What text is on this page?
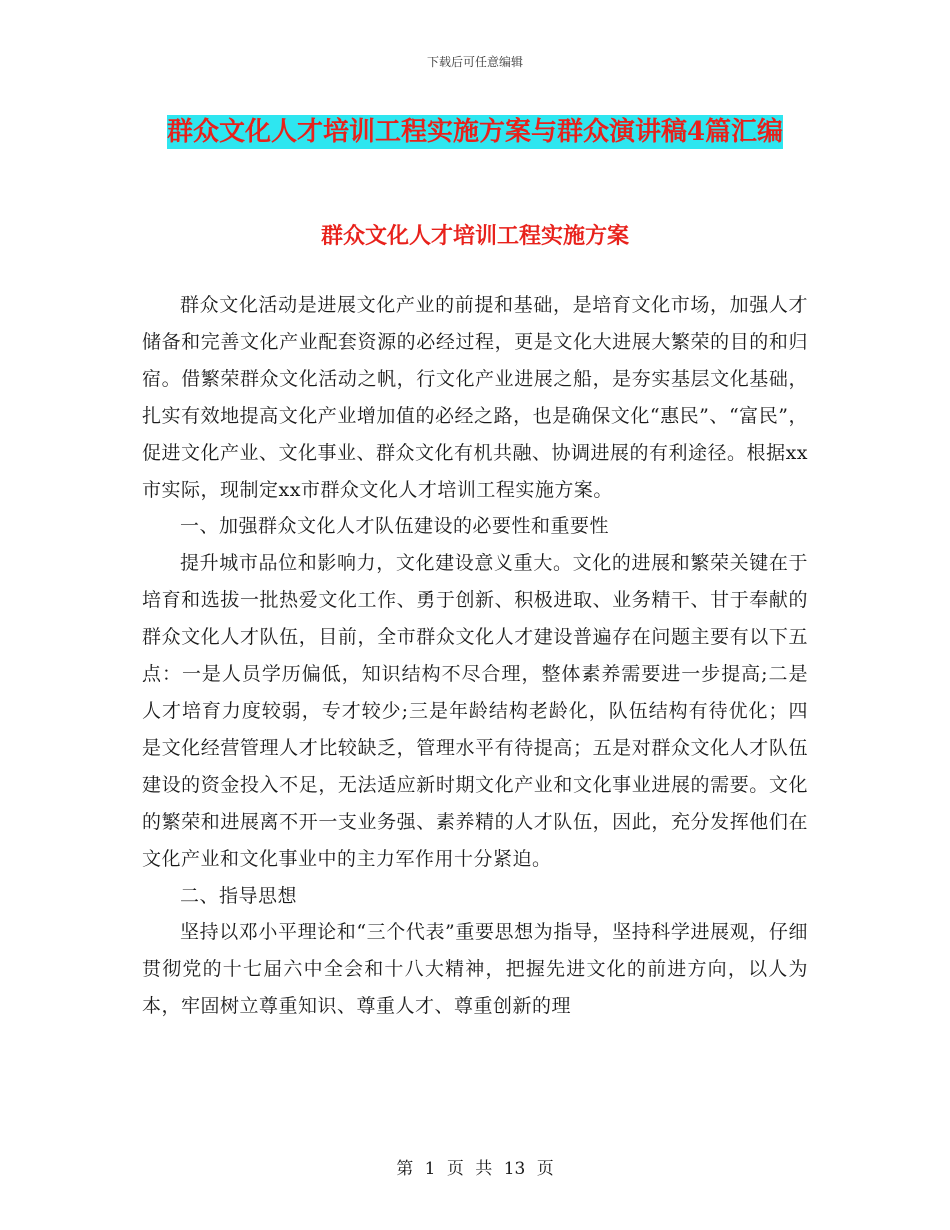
下载后可任意编辑
群众文化人才培训工程实施方案与群众演讲稿4篇汇编
群众文化人才培训工程实施方案

群众文化活动是进展文化产业的前提和基础，是培育文化市场，加强人才储备和完善文化产业配套资源的必经过程，更是文化大进展大繁荣的目的和归宿。借繁荣群众文化活动之帆，行文化产业进展之船，是夯实基层文化基础，扎实有效地提高文化产业增加值的必经之路，也是确保文化“惠民”、“富民”，促进文化产业、文化事业、群众文化有机共融、协调进展的有利途径。根据xx市实际，现制定xx市群众文化人才培训工程实施方案。

一、加强群众文化人才队伍建设的必要性和重要性

提升城市品位和影响力，文化建设意义重大。文化的进展和繁荣关键在于培育和选拔一批热爱文化工作、勇于创新、积极进取、业务精干、甘于奉献的群众文化人才队伍，目前，全市群众文化人才建设普遍存在问题主要有以下五点：一是人员学历偏低，知识结构不尽合理，整体素养需要进一步提高;二是人才培育力度较弱，专才较少;三是年龄结构老龄化，队伍结构有待优化；四是文化经营管理人才比较缺乏，管理水平有待提高；五是对群众文化人才队伍建设的资金投入不足，无法适应新时期文化产业和文化事业进展的需要。文化的繁荣和进展离不开一支业务强、素养精的人才队伍，因此，充分发挥他们在文化产业和文化事业中的主力军作用十分紧迫。

二、指导思想

坚持以邓小平理论和“三个代表”重要思想为指导，坚持科学进展观，仔细贯彻党的十七届六中全会和十八大精神，把握先进文化的前进方向，以人为本，牢固树立尊重知识、尊重人才、尊重创新的理

第 1 页 共 13 页
